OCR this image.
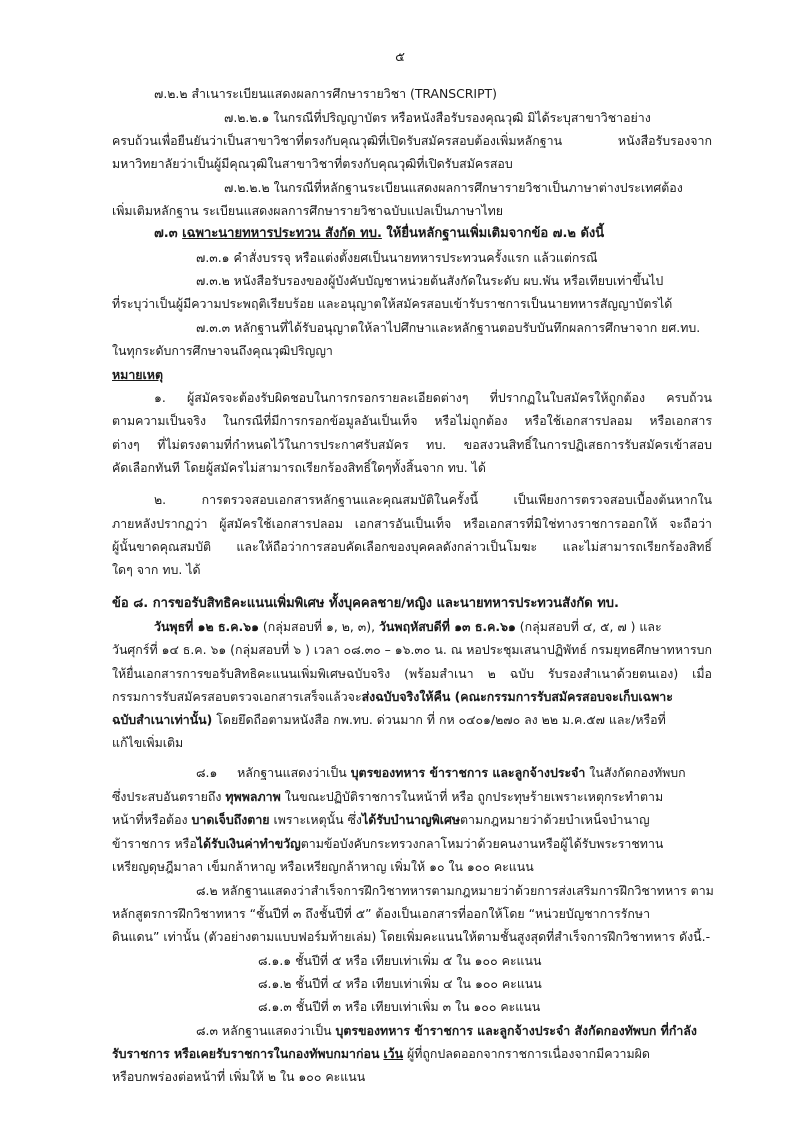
๕
๗.๒.๒ สำเนาระเบียนแสดงผลการศึกษารายวิชา (TRANSCRIPT)
๗.๒.๒.๑ ในกรณีที่ปริญญาบัตร หรือหนังสือรับรองคุณวุฒิ มิได้ระบุสาขาวิชาอย่าง
ครบถ้วนเพื่อยืนยันว่าเป็นสาขาวิชาที่ตรงกับคุณวุฒิที่เปิดรับสมัครสอบต้องเพิ่มหลักฐาน หนังสือรับรองจาก
มหาวิทยาลัยว่าเป็นผู้มีคุณวุฒิในสาขาวิชาที่ตรงกับคุณวุฒิที่เปิดรับสมัครสอบ
๗.๒.๒.๒ ในกรณีที่หลักฐานระเบียนแสดงผลการศึกษารายวิชาเป็นภาษาต่างประเทศต้อง
เพิ่มเติมหลักฐาน ระเบียนแสดงผลการศึกษารายวิชาฉบับแปลเป็นภาษาไทย
๗.๓ เฉพาะนายทหารประทวน สังกัด ทบ. ให้ยื่นหลักฐานเพิ่มเติมจากข้อ ๗.๒ ดังนี้
๗.๓.๑ คำสั่งบรรจุ หรือแต่งตั้งยศเป็นนายทหารประทวนครั้งแรก แล้วแต่กรณี
๗.๓.๒ หนังสือรับรองของผู้บังคับบัญชาหน่วยต้นสังกัดในระดับ ผบ.พัน หรือเทียบเท่าขึ้นไป
ที่ระบุว่าเป็นผู้มีความประพฤติเรียบร้อย และอนุญาตให้สมัครสอบเข้ารับราชการเป็นนายทหารสัญญาบัตรได้
๗.๓.๓ หลักฐานที่ได้รับอนุญาตให้ลาไปศึกษาและหลักฐานตอบรับบันทึกผลการศึกษาจาก ยศ.ทบ.
ในทุกระดับการศึกษาจนถึงคุณวุฒิปริญญา
หมายเหตุ
๑. ผู้สมัครจะต้องรับผิดชอบในการกรอกรายละเอียดต่างๆ ที่ปรากฏในใบสมัครให้ถูกต้อง ครบถ้วน
ตามความเป็นจริง ในกรณีที่มีการกรอกข้อมูลอันเป็นเท็จ หรือไม่ถูกต้อง หรือใช้เอกสารปลอม หรือเอกสาร
ต่างๆ ที่ไม่ตรงตามที่กำหนดไว้ในการประกาศรับสมัคร ทบ. ขอสงวนสิทธิ์ในการปฏิเสธการรับสมัครเข้าสอบ
คัดเลือกทันที โดยผู้สมัครไม่สามารถเรียกร้องสิทธิ์ใดๆทั้งสิ้นจาก ทบ. ได้
๒. การตรวจสอบเอกสารหลักฐานและคุณสมบัติในครั้งนี้ เป็นเพียงการตรวจสอบเบื้องต้นหากใน
ภายหลังปรากฏว่า ผู้สมัครใช้เอกสารปลอม เอกสารอันเป็นเท็จ หรือเอกสารที่มิใช่ทางราชการออกให้ จะถือว่า
ผู้นั้นขาดคุณสมบัติ และให้ถือว่าการสอบคัดเลือกของบุคคลดังกล่าวเป็นโมฆะ และไม่สามารถเรียกร้องสิทธิ์
ใดๆ จาก ทบ. ได้
ข้อ ๘. การขอรับสิทธิคะแนนเพิ่มพิเศษ ทั้งบุคคลชาย/หญิง และนายทหารประทวนสังกัด ทบ.
วันพุธที่ ๑๒ ธ.ค.๖๑ (กลุ่มสอบที่ ๑, ๒, ๓), วันพฤหัสบดีที่ ๑๓ ธ.ค.๖๑ (กลุ่มสอบที่ ๔, ๕, ๗ ) และ
วันศุกร์ที่ ๑๔ ธ.ค. ๖๑ (กลุ่มสอบที่ ๖ ) เวลา ๐๘.๓๐ – ๑๖.๓๐ น. ณ หอประชุมเสนาปฏิพัทธ์ กรมยุทธศึกษาทหารบก
ให้ยื่นเอกสารการขอรับสิทธิคะแนนเพิ่มพิเศษฉบับจริง (พร้อมสำเนา ๒ ฉบับ รับรองสำเนาด้วยตนเอง) เมื่อ
กรรมการรับสมัครสอบตรวจเอกสารเสร็จแล้วจะส่งฉบับจริงให้คืน (คณะกรรมการรับสมัครสอบจะเก็บเฉพาะ
ฉบับสำเนาเท่านั้น) โดยยึดถือตามหนังสือ กพ.ทบ. ด่วนมาก ที่ กห ๐๔๐๑/๒๗๐ ลง ๒๒ ม.ค.๕๗ และ/หรือที่
แก้ไขเพิ่มเติม
๘.๑ หลักฐานแสดงว่าเป็น บุตรของทหาร ข้าราชการ และลูกจ้างประจำ ในสังกัดกองทัพบก
ซึ่งประสบอันตรายถึง ทุพพลภาพ ในขณะปฏิบัติราชการในหน้าที่ หรือ ถูกประทุษร้ายเพราะเหตุกระทำตาม
หน้าที่หรือต้อง บาดเจ็บถึงตาย เพราะเหตุนั้น ซึ่งได้รับบำนาญพิเศษตามกฎหมายว่าด้วยบำเหน็จบำนาญ
ข้าราชการ หรือได้รับเงินค่าทำขวัญตามข้อบังคับกระทรวงกลาโหมว่าด้วยคนงานหรือผู้ได้รับพระราชทาน
เหรียญดุษฎีมาลา เข็มกล้าหาญ หรือเหรียญกล้าหาญ เพิ่มให้ ๑๐ ใน ๑๐๐ คะแนน
๘.๒ หลักฐานแสดงว่าสำเร็จการฝึกวิชาทหารตามกฎหมายว่าด้วยการส่งเสริมการฝึกวิชาทหาร ตาม
หลักสูตรการฝึกวิชาทหาร “ชั้นปีที่ ๓ ถึงชั้นปีที่ ๕” ต้องเป็นเอกสารที่ออกให้โดย “หน่วยบัญชาการรักษา
ดินแดน” เท่านั้น (ตัวอย่างตามแบบฟอร์มท้ายเล่ม) โดยเพิ่มคะแนนให้ตามชั้นสูงสุดที่สำเร็จการฝึกวิชาทหาร ดังนี้.-
๘.๑.๑ ชั้นปีที่ ๕ หรือ เทียบเท่าเพิ่ม ๕ ใน ๑๐๐ คะแนน
๘.๑.๒ ชั้นปีที่ ๔ หรือ เทียบเท่าเพิ่ม ๔ ใน ๑๐๐ คะแนน
๘.๑.๓ ชั้นปีที่ ๓ หรือ เทียบเท่าเพิ่ม ๓ ใน ๑๐๐ คะแนน
๘.๓ หลักฐานแสดงว่าเป็น บุตรของทหาร ข้าราชการ และลูกจ้างประจำ สังกัดกองทัพบก ที่กำลัง
รับราชการ หรือเคยรับราชการในกองทัพบกมาก่อน เว้น ผู้ที่ถูกปลดออกจากราชการเนื่องจากมีความผิด
หรือบกพร่องต่อหน้าที่ เพิ่มให้ ๒ ใน ๑๐๐ คะแนน
